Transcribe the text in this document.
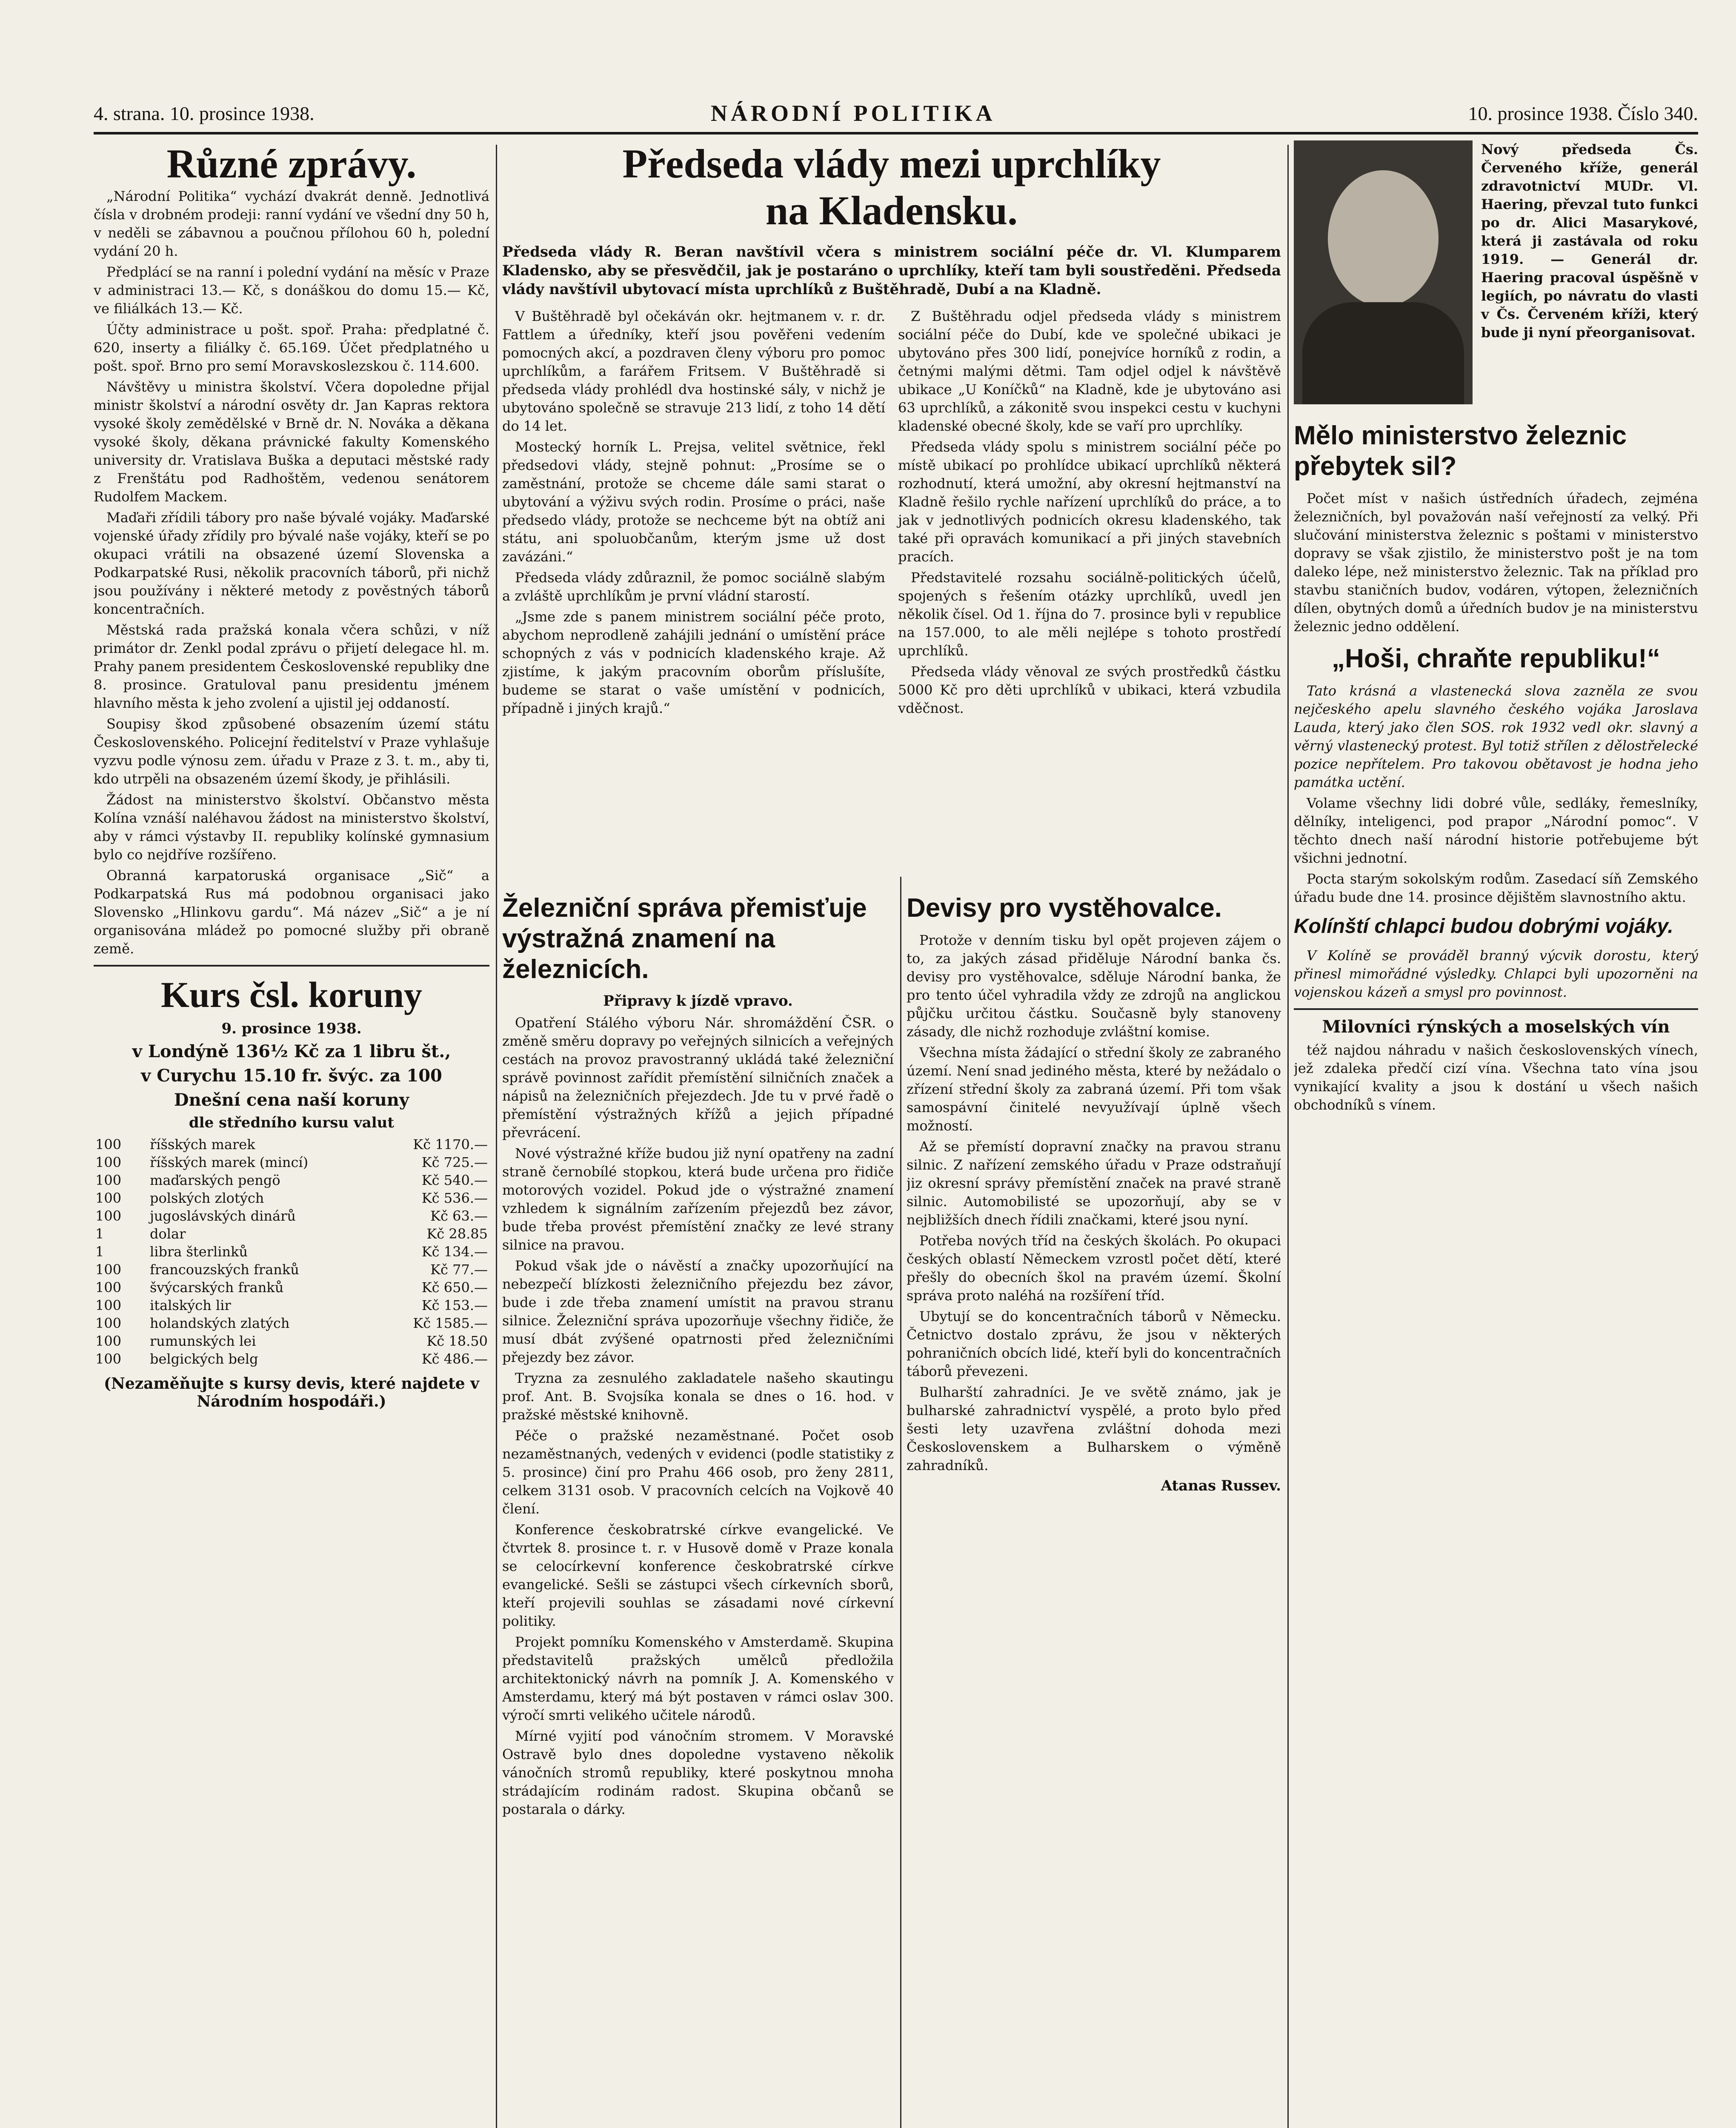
4. strana. 10. prosince 1938.	NÁRODNÍ POLITIKA	10. prosince 1938. Číslo 340.
Různé zprávy.

„Národní Politika“ vychází dvakrát denně. Jednotlivá čísla v drobném prodeji: ranní vydání ve všední dny 50 h, v neděli se zábavnou a poučnou přílohou 60 h, polední vydání 20 h.

Předplácí se na ranní i polední vydání na měsíc v Praze v administraci 13.— Kč, s donáškou do domu 15.— Kč, ve filiálkách 13.— Kč.

Účty administrace u pošt. spoř. Praha: předplatné č. 620, inserty a filiálky č. 65.169. Účet předplatného u pošt. spoř. Brno pro semí Moravskoslezskou č. 114.600.

Návštěvy u ministra školství. Včera dopoledne přijal ministr školství a národní osvěty dr. Jan Kapras rektora vysoké školy zemědělské v Brně dr. N. Nováka a děkana vysoké školy, děkana právnické fakulty Komenského university dr. Vratislava Buška a deputaci městské rady z Frenštátu pod Radhoštěm, vedenou senátorem Rudolfem Mackem.

Maďaři zřídili tábory pro naše bývalé vojáky. Maďarské vojenské úřady zřídily pro bývalé naše vojáky, kteří se po okupaci vrátili na obsazené území Slovenska a Podkarpatské Rusi, několik pracovních táborů, při nichž jsou používány i některé metody z pověstných táborů koncentračních.

Městská rada pražská konala včera schůzi, v níž primátor dr. Zenkl podal zprávu o přijetí delegace hl. m. Prahy panem presidentem Československé republiky dne 8. prosince. Gratuloval panu presidentu jménem hlavního města k jeho zvolení a ujistil jej oddaností.

Soupisy škod způsobené obsazením území státu Československého. Policejní ředitelství v Praze vyhlašuje vyzvu podle výnosu zem. úřadu v Praze z 3. t. m., aby ti, kdo utrpěli na obsazeném území škody, je přihlásili.

Žádost na ministerstvo školství. Občanstvo města Kolína vznáší naléhavou žádost na ministerstvo školství, aby v rámci výstavby II. republiky kolínské gymnasium bylo co nejdříve rozšířeno.

Obranná karpatoruská organisace „Sič“ a Podkarpatská Rus má podobnou organisaci jako Slovensko „Hlinkovu gardu“. Má název „Sič“ a je ní organisována mládež po pomocné služby při obraně země.

Kurs čsl. koruny
9. prosince 1938.
v Londýně 136½ Kč za 1 libru št.,
v Curychu 15.10 fr. švýc. za 100
Dnešní cena naší koruny
dle středního kursu valut
100	říšských marek	Kč 1170.—
100	říšských marek (mincí)	Kč 725.—
100	maďarských pengö	Kč 540.—
100	polských zlotých	Kč 536.—
100	jugoslávských dinárů	Kč 63.—
1	dolar	Kč 28.85
1	libra šterlinků	Kč 134.—
100	francouzských franků	Kč 77.—
100	švýcarských franků	Kč 650.—
100	italských lir	Kč 153.—
100	holandských zlatých	Kč 1585.—
100	rumunských lei	Kč 18.50
100	belgických belg	Kč 486.—
(Nezaměňujte s kursy devis, které najdete v Národním hospodáři.)
Předseda vlády mezi uprchlíky
na Kladensku.
Předseda vlády R. Beran navštívil včera s ministrem sociální péče dr. Vl. Klumparem Kladensko, aby se přesvědčil, jak je postaráno o uprchlíky, kteří tam byli soustředěni. Předseda vlády navštívil ubytovací místa uprchlíků z Buštěhradě, Dubí a na Kladně.

V Buštěhradě byl očekáván okr. hejtmanem v. r. dr. Fattlem a úředníky, kteří jsou pověřeni vedením pomocných akcí, a pozdraven členy výboru pro pomoc uprchlíkům, a farářem Fritsem. V Buštěhradě si předseda vlády prohlédl dva hostinské sály, v nichž je ubytováno společně se stravuje 213 lidí, z toho 14 dětí do 14 let.

Mostecký horník L. Prejsa, velitel světnice, řekl předsedovi vlády, stejně pohnut: „Prosíme se o zaměstnání, protože se chceme dále sami starat o ubytování a výživu svých rodin. Prosíme o práci, naše předsedo vlády, protože se nechceme být na obtíž ani státu, ani spoluobčanům, kterým jsme už dost zavázáni.“

Předseda vlády zdůraznil, že pomoc sociálně slabým a zvláště uprchlíkům je první vládní starostí.

„Jsme zde s panem ministrem sociální péče proto, abychom neprodleně zahájili jednání o umístění práce schopných z vás v podnicích kladenského kraje. Až zjistíme, k jakým pracovním oborům příslušíte, budeme se starat o vaše umístění v podnicích, případně i jiných krajů.“

Z Buštěhradu odjel předseda vlády s ministrem sociální péče do Dubí, kde ve společné ubikaci je ubytováno přes 300 lidí, ponejvíce horníků z rodin, a četnými malými dětmi. Tam odjel odjel k návštěvě ubikace „U Koníčků“ na Kladně, kde je ubytováno asi 63 uprchlíků, a zákonitě svou inspekci cestu v kuchyni kladenské obecné školy, kde se vaří pro uprchlíky.

Předseda vlády spolu s ministrem sociální péče po místě ubikací po prohlídce ubikací uprchlíků některá rozhodnutí, která umožní, aby okresní hejtmanství na Kladně řešilo rychle nařízení uprchlíků do práce, a to jak v jednotlivých podnicích okresu kladenského, tak také při opravách komunikací a při jiných stavebních pracích.

Představitelé rozsahu sociálně-politických účelů, spojených s řešením otázky uprchlíků, uvedl jen několik čísel. Od 1. října do 7. prosince byli v republice na 157.000, to ale měli nejlépe s tohoto prostředí uprchlíků.

Předseda vlády věnoval ze svých prostředků částku 5000 Kč pro děti uprchlíků v ubikaci, která vzbudila vděčnost.

Železniční správa přemisťuje výstražná znamení na železnicích.
Připravy k jízdě vpravo.

Opatření Stálého výboru Nár. shromáždění ČSR. o změně směru dopravy po veřejných silnicích a veřejných cestách na provoz pravostranný ukládá také železniční správě povinnost zařídit přemístění silničních značek a nápisů na železničních přejezdech. Jde tu v prvé řadě o přemístění výstražných křížů a jejich případné převrácení.

Nové výstražné kříže budou již nyní opatřeny na zadní straně černobílé stopkou, která bude určena pro řidiče motorových vozidel. Pokud jde o výstražné znamení vzhledem k signálním zařízením přejezdů bez závor, bude třeba provést přemístění značky ze levé strany silnice na pravou.

Pokud však jde o návěstí a značky upozorňující na nebezpečí blízkosti železničního přejezdu bez závor, bude i zde třeba znamení umístit na pravou stranu silnice. Železniční správa upozorňuje všechny řidiče, že musí dbát zvýšené opatrnosti před železničními přejezdy bez závor.

Tryzna za zesnulého zakladatele našeho skautingu prof. Ant. B. Svojsíka konala se dnes o 16. hod. v pražské městské knihovně.

Péče o pražské nezaměstnané. Počet osob nezaměstnaných, vedených v evidenci (podle statistiky z 5. prosince) činí pro Prahu 466 osob, pro ženy 2811, celkem 3131 osob. V pracovních celcích na Vojkově 40 člení.

Konference českobratrské církve evangelické. Ve čtvrtek 8. prosince t. r. v Husově domě v Praze konala se celocírkevní konference českobratrské církve evangelické. Sešli se zástupci všech církevních sborů, kteří projevili souhlas se zásadami nové církevní politiky.

Projekt pomníku Komenského v Amsterdamě. Skupina představitelů pražských umělců předložila architektonický návrh na pomník J. A. Komenského v Amsterdamu, který má být postaven v rámci oslav 300. výročí smrti velikého učitele národů.

Mírné vyjití pod vánočním stromem. V Moravské Ostravě bylo dnes dopoledne vystaveno několik vánočních stromů republiky, které poskytnou mnoha strádajícím rodinám radost. Skupina občanů se postarala o dárky.

Devisy pro vystěhovalce.

Protože v denním tisku byl opět projeven zájem o to, za jakých zásad přiděluje Národní banka čs. devisy pro vystěhovalce, sděluje Národní banka, že pro tento účel vyhradila vždy ze zdrojů na anglickou půjčku určitou částku. Současně byly stanoveny zásady, dle nichž rozhoduje zvláštní komise.

Všechna místa žádající o střední školy ze zabraného území. Není snad jediného města, které by nežádalo o zřízení střední školy za zabraná území. Při tom však samospávní činitelé nevyužívají úplně všech možností.

Až se přemístí dopravní značky na pravou stranu silnic. Z nařízení zemského úřadu v Praze odstraňují jiz okresní správy přemístění značek na pravé straně silnic. Automobilisté se upozorňují, aby se v nejbližších dnech řídili značkami, které jsou nyní.

Potřeba nových tříd na českých školách. Po okupaci českých oblastí Německem vzrostl počet dětí, které přešly do obecních škol na pravém území. Školní správa proto naléhá na rozšíření tříd.

Ubytují se do koncentračních táborů v Německu. Četnictvo dostalo zprávu, že jsou v některých pohraničních obcích lidé, kteří byli do koncentračních táborů převezeni.

Bulharští zahradníci. Je ve světě známo, jak je bulharské zahradnictví vyspělé, a proto bylo před šesti lety uzavřena zvláštní dohoda mezi Československem a Bulharskem o výměně zahradníků.

Atanas Russev.

Nový předseda Čs. Červeného kříže, generál zdravotnictví MUDr. Vl. Haering, převzal tuto funkci po dr. Alici Masarykové, která ji zastávala od roku 1919. — Generál dr. Haering pracoval úspěšně v legiích, po návratu do vlasti v Čs. Červeném kříži, který bude ji nyní přeorganisovat.

Mělo ministerstvo železnic přebytek sil?

Počet míst v našich ústředních úřadech, zejména železničních, byl považován naší veřejností za velký. Při slučování ministerstva železnic s poštami v ministerstvo dopravy se však zjistilo, že ministerstvo pošt je na tom daleko lépe, než ministerstvo železnic. Tak na příklad pro stavbu staničních budov, vodáren, výtopen, železničních dílen, obytných domů a úředních budov je na ministerstvu železnic jedno oddělení.

„Hoši, chraňte republiku!“

Tato krásná a vlastenecká slova zazněla ze svou nejčeského apelu slavného českého vojáka Jaroslava Lauda, který jako člen SOS. rok 1932 vedl okr. slavný a věrný vlastenecký protest. Byl totiž střílen z dělostřelecké pozice nepřítelem. Pro takovou obětavost je hodna jeho památka uctění.

Volame všechny lidi dobré vůle, sedláky, řemeslníky, dělníky, inteligenci, pod prapor „Národní pomoc“. V těchto dnech naší národní historie potřebujeme být všichni jednotní.

Pocta starým sokolským rodům. Zasedací síň Zemského úřadu bude dne 14. prosince dějištěm slavnostního aktu.

Kolínští chlapci budou dobrými vojáky.

V Kolíně se prováděl branný výcvik dorostu, který přinesl mimořádné výsledky. Chlapci byli upozorněni na vojenskou kázeň a smysl pro povinnost.

Milovníci rýnských a moselských vín

též najdou náhradu v našich československých vínech, jež zdaleka předčí cizí vína. Všechna tato vína jsou vynikající kvality a jsou k dostání u všech našich obchodníků s vínem.
